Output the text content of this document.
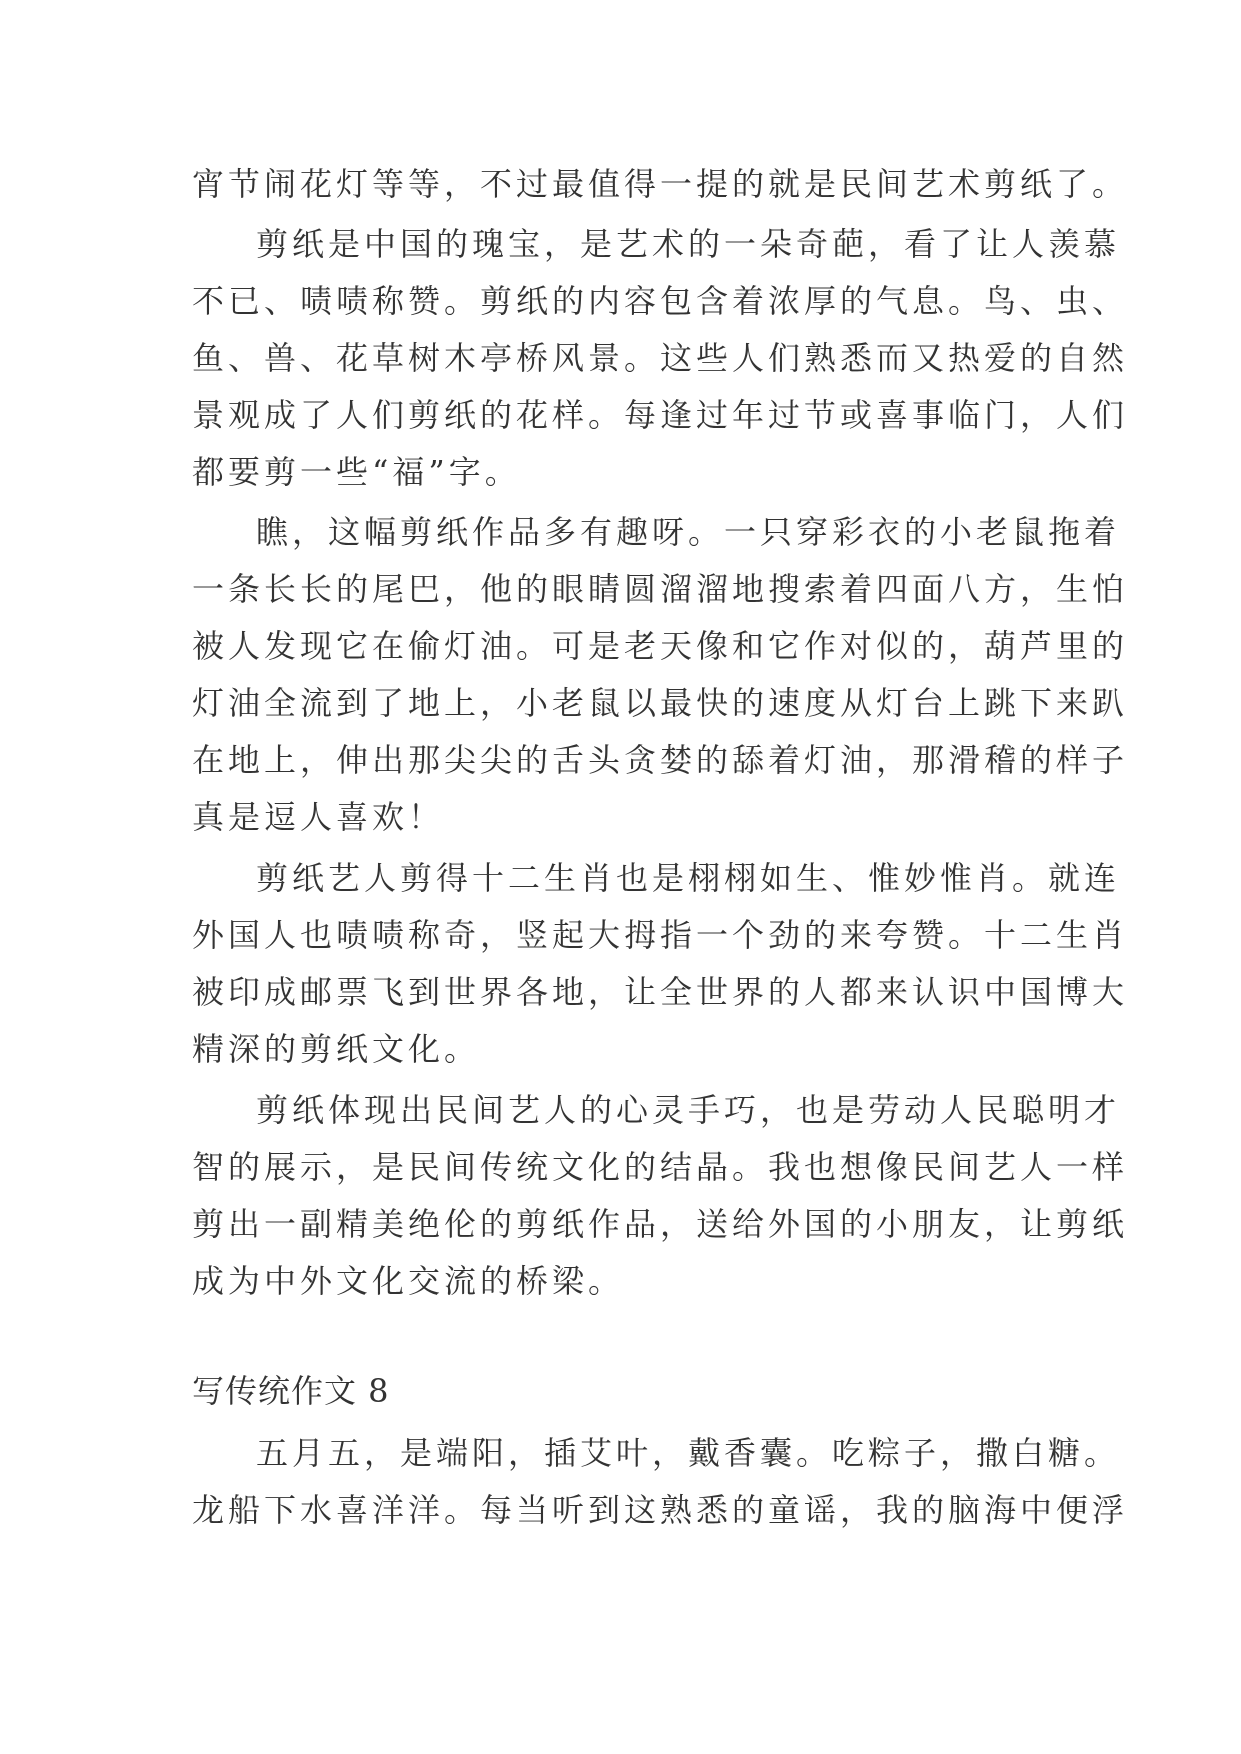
宵节闹花灯等等，不过最值得一提的就是民间艺术剪纸了。
剪纸是中国的瑰宝，是艺术的一朵奇葩，看了让人羡慕
不已、啧啧称赞。剪纸的内容包含着浓厚的气息。鸟、虫、
鱼、兽、花草树木亭桥风景。这些人们熟悉而又热爱的自然
景观成了人们剪纸的花样。每逢过年过节或喜事临门，人们
都要剪一些“福”字。
瞧，这幅剪纸作品多有趣呀。一只穿彩衣的小老鼠拖着
一条长长的尾巴，他的眼睛圆溜溜地搜索着四面八方，生怕
被人发现它在偷灯油。可是老天像和它作对似的，葫芦里的
灯油全流到了地上，小老鼠以最快的速度从灯台上跳下来趴
在地上，伸出那尖尖的舌头贪婪的舔着灯油，那滑稽的样子
真是逗人喜欢！
剪纸艺人剪得十二生肖也是栩栩如生、惟妙惟肖。就连
外国人也啧啧称奇，竖起大拇指一个劲的来夸赞。十二生肖
被印成邮票飞到世界各地，让全世界的人都来认识中国博大
精深的剪纸文化。
剪纸体现出民间艺人的心灵手巧，也是劳动人民聪明才
智的展示，是民间传统文化的结晶。我也想像民间艺人一样
剪出一副精美绝伦的剪纸作品，送给外国的小朋友，让剪纸
成为中外文化交流的桥梁。
写传统作文 8
五月五，是端阳，插艾叶，戴香囊。吃粽子，撒白糖。
龙船下水喜洋洋。每当听到这熟悉的童谣，我的脑海中便浮
